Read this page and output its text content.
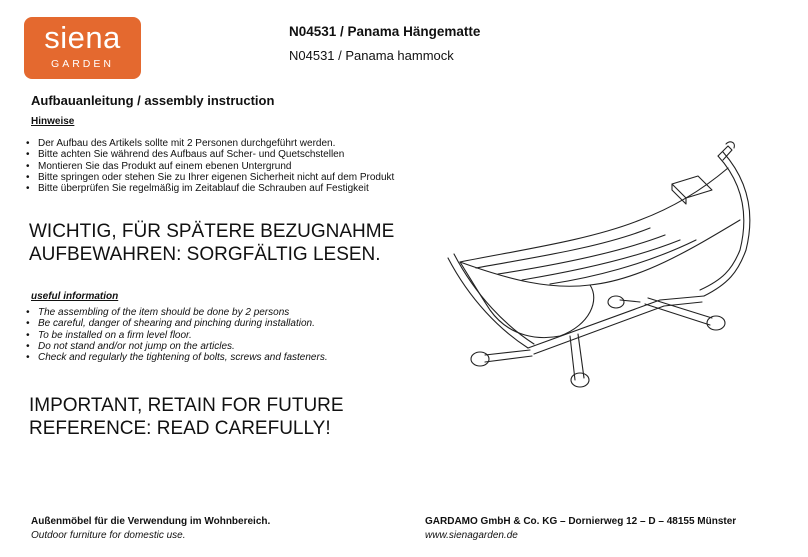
siena
GARDEN
N04531 / Panama Hängematte
N04531 / Panama hammock
Aufbauanleitung / assembly instruction
Hinweise
• Der Aufbau des Artikels sollte mit 2 Personen durchgeführt werden.
• Bitte achten Sie während des Aufbaus auf Scher- und Quetschstellen
• Montieren Sie das Produkt auf einem ebenen Untergrund
• Bitte springen oder stehen Sie zu Ihrer eigenen Sicherheit nicht auf dem Produkt
• Bitte überprüfen Sie regelmäßig im Zeitablauf die Schrauben auf Festigkeit
WICHTIG, FÜR SPÄTERE BEZUGNAHME
AUFBEWAHREN: SORGFÄLTIG LESEN.
useful information
• The assembling of the item should be done by 2 persons
• Be careful, danger of shearing and pinching during installation.
• To be installed on a firm level floor.
• Do not stand and/or not jump on the articles.
• Check and regularly the tightening of bolts, screws and fasteners.
IMPORTANT, RETAIN FOR FUTURE
REFERENCE: READ CAREFULLY!
Außenmöbel für die Verwendung im Wohnbereich.
Outdoor furniture for domestic use.
GARDAMO GmbH & Co. KG – Dornierweg 12 – D – 48155 Münster
www.sienagarden.de
